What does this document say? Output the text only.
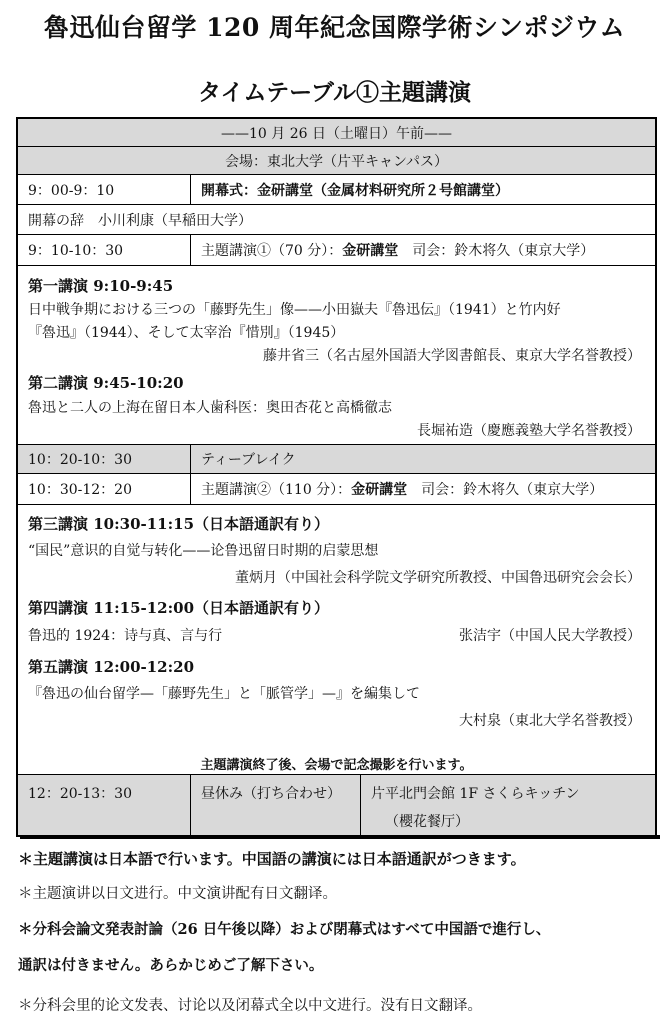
魯迅仙台留学 120 周年紀念国際学術シンポジウム
タイムテーブル①主題講演
——10 月 26 日（土曜日）午前——
会場：東北大学（片平キャンパス）
9：00-9：10	開幕式：金研講堂（金属材料研究所２号館講堂）
開幕の辞　小川利康（早稲田大学）
9：10-10：30	主題講演①（70 分）： 金研講堂 　司会：鈴木将久（東京大学）
第一講演 9:10-9:45
日中戦争期における三つの「藤野先生」像——小田嶽夫『魯迅伝』（1941）と竹内好
『魯迅』（1944）、そして太宰治『惜別』（1945）
藤井省三（名古屋外国語大学図書館長、東京大学名誉教授）
第二講演 9:45-10:20
魯迅と二人の上海在留日本人歯科医：奥田杏花と高橋徹志
長堀祐造（慶應義塾大学名誉教授）
10：20-10：30	ティーブレイク
10：30-12：20	主題講演②（110 分）： 金研講堂 　司会：鈴木将久（東京大学）
第三講演 10:30-11:15（日本語通訳有り）
“国民”意识的自觉与转化——论鲁迅留日时期的启蒙思想
董炳月（中国社会科学院文学研究所教授、中国鲁迅研究会会长）
第四講演 11:15-12:00（日本語通訳有り）
鲁迅的 1924：诗与真、言与行	张洁宇（中国人民大学教授）
第五講演 12:00-12:20
『魯迅の仙台留学—「藤野先生」と「脈管学」—』を編集して
大村泉（東北大学名誉教授）
主題講演終了後、会場で記念撮影を行います。
12：20-13：30	昼休み（打ち合わせ）	片平北門会館 1F さくらキッチン
（櫻花餐厅）
＊主題講演は日本語で行います。中国語の講演には日本語通訳がつきます。
＊主题演讲以日文进行。中文演讲配有日文翻译。
＊分科会論文発表討論（26 日午後以降）および閉幕式はすべて中国語で進行し、
通訳は付きません。あらかじめご了解下さい。
＊分科会里的论文发表、讨论以及闭幕式全以中文进行。没有日文翻译。
